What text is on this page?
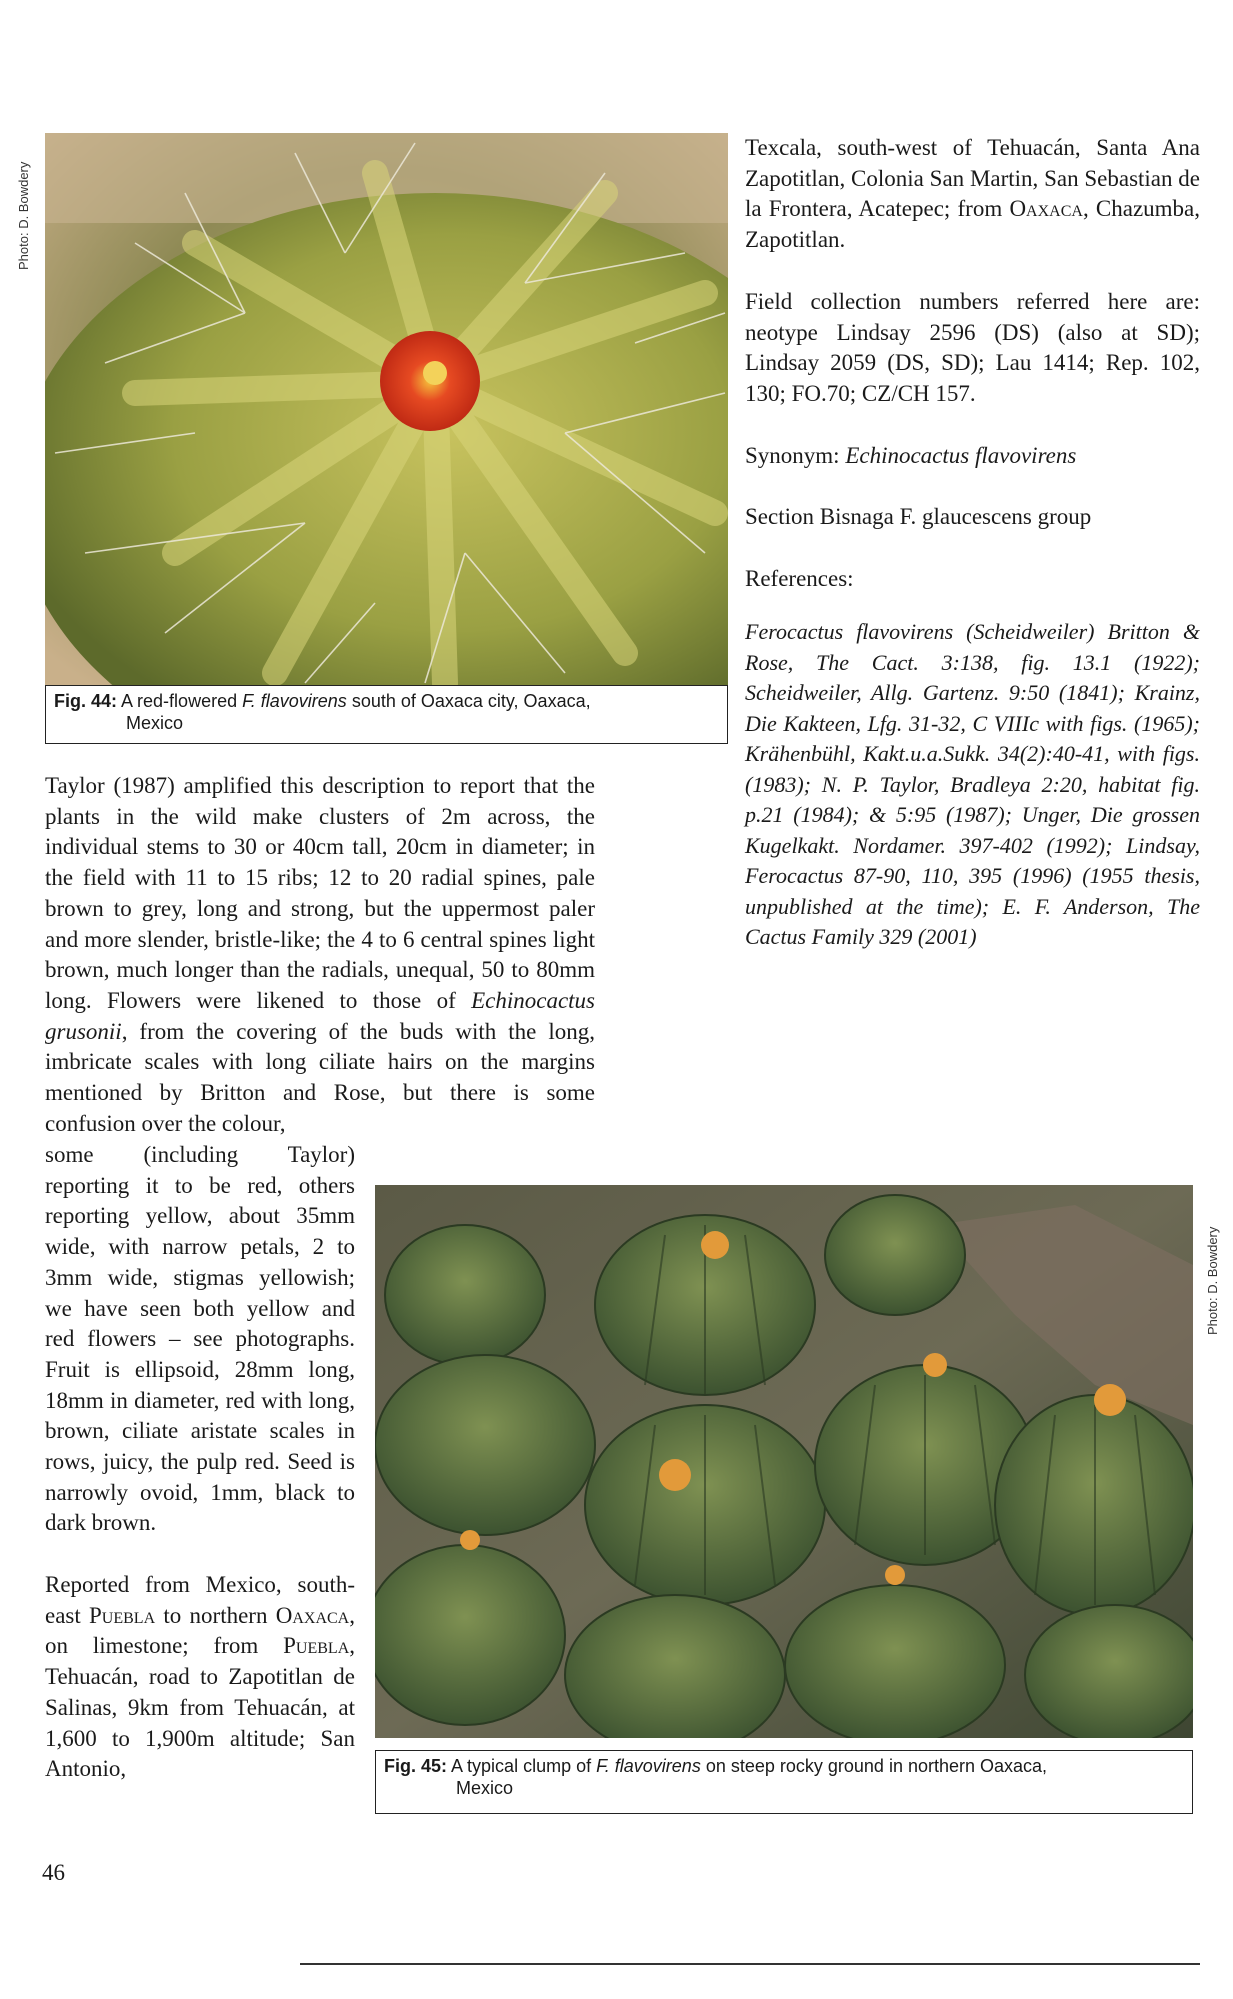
Photo: D. Bowdery
Fig. 44: A red-flowered F. flavovirens south of Oaxaca city, Oaxaca,
Mexico

Texcala, south-west of Tehuacán, Santa Ana Zapotitlan, Colonia San Martin, San Sebastian de la Frontera, Acatepec; from Oaxaca, Chazumba, Zapotitlan.

Field collection numbers referred here are: neotype Lindsay 2596 (DS) (also at SD); Lindsay 2059 (DS, SD); Lau 1414; Rep. 102, 130; FO.70; CZ/CH 157.

Synonym: Echinocactus flavovirens

Section Bisnaga F. glaucescens group

References:

Ferocactus flavovirens (Scheidweiler) Britton & Rose, The Cact. 3:138, fig. 13.1 (1922); Scheidweiler, Allg. Gartenz. 9:50 (1841); Krainz, Die Kakteen, Lfg. 31-32, C VIIIc with figs. (1965); Krähenbühl, Kakt.u.a.Sukk. 34(2):40-41, with figs. (1983); N. P. Taylor, Bradleya 2:20, habitat fig. p.21 (1984); & 5:95 (1987); Unger, Die grossen Kugelkakt. Nordamer. 397-402 (1992); Lindsay, Ferocactus 87-90, 110, 395 (1996) (1955 thesis, unpublished at the time); E. F. Anderson, The Cactus Family 329 (2001)

Taylor (1987) amplified this description to report that the plants in the wild make clusters of 2m across, the individual stems to 30 or 40cm tall, 20cm in diameter; in the field with 11 to 15 ribs; 12 to 20 radial spines, pale brown to grey, long and strong, but the uppermost paler and more slender, bristle-like; the 4 to 6 central spines light brown, much longer than the radials, unequal, 50 to 80mm long. Flowers were likened to those of Echinocactus grusonii, from the covering of the buds with the long, imbricate scales with long ciliate hairs on the margins mentioned by Britton and Rose, but there is some confusion over the colour,

some (including Taylor) reporting it to be red, others reporting yellow, about 35mm wide, with narrow petals, 2 to 3mm wide, stigmas yellowish; we have seen both yellow and red flowers – see photographs. Fruit is ellipsoid, 28mm long, 18mm in diameter, red with long, brown, ciliate aristate scales in rows, juicy, the pulp red. Seed is narrowly ovoid, 1mm, black to dark brown.

Reported from Mexico, south-east Puebla to northern Oaxaca, on limestone; from Puebla, Tehuacán, road to Zapotitlan de Salinas, 9km from Tehuacán, at 1,600 to 1,900m altitude; San Antonio,

Photo: D. Bowdery
Fig. 45: A typical clump of F. flavovirens on steep rocky ground in northern Oaxaca,
Mexico
46
